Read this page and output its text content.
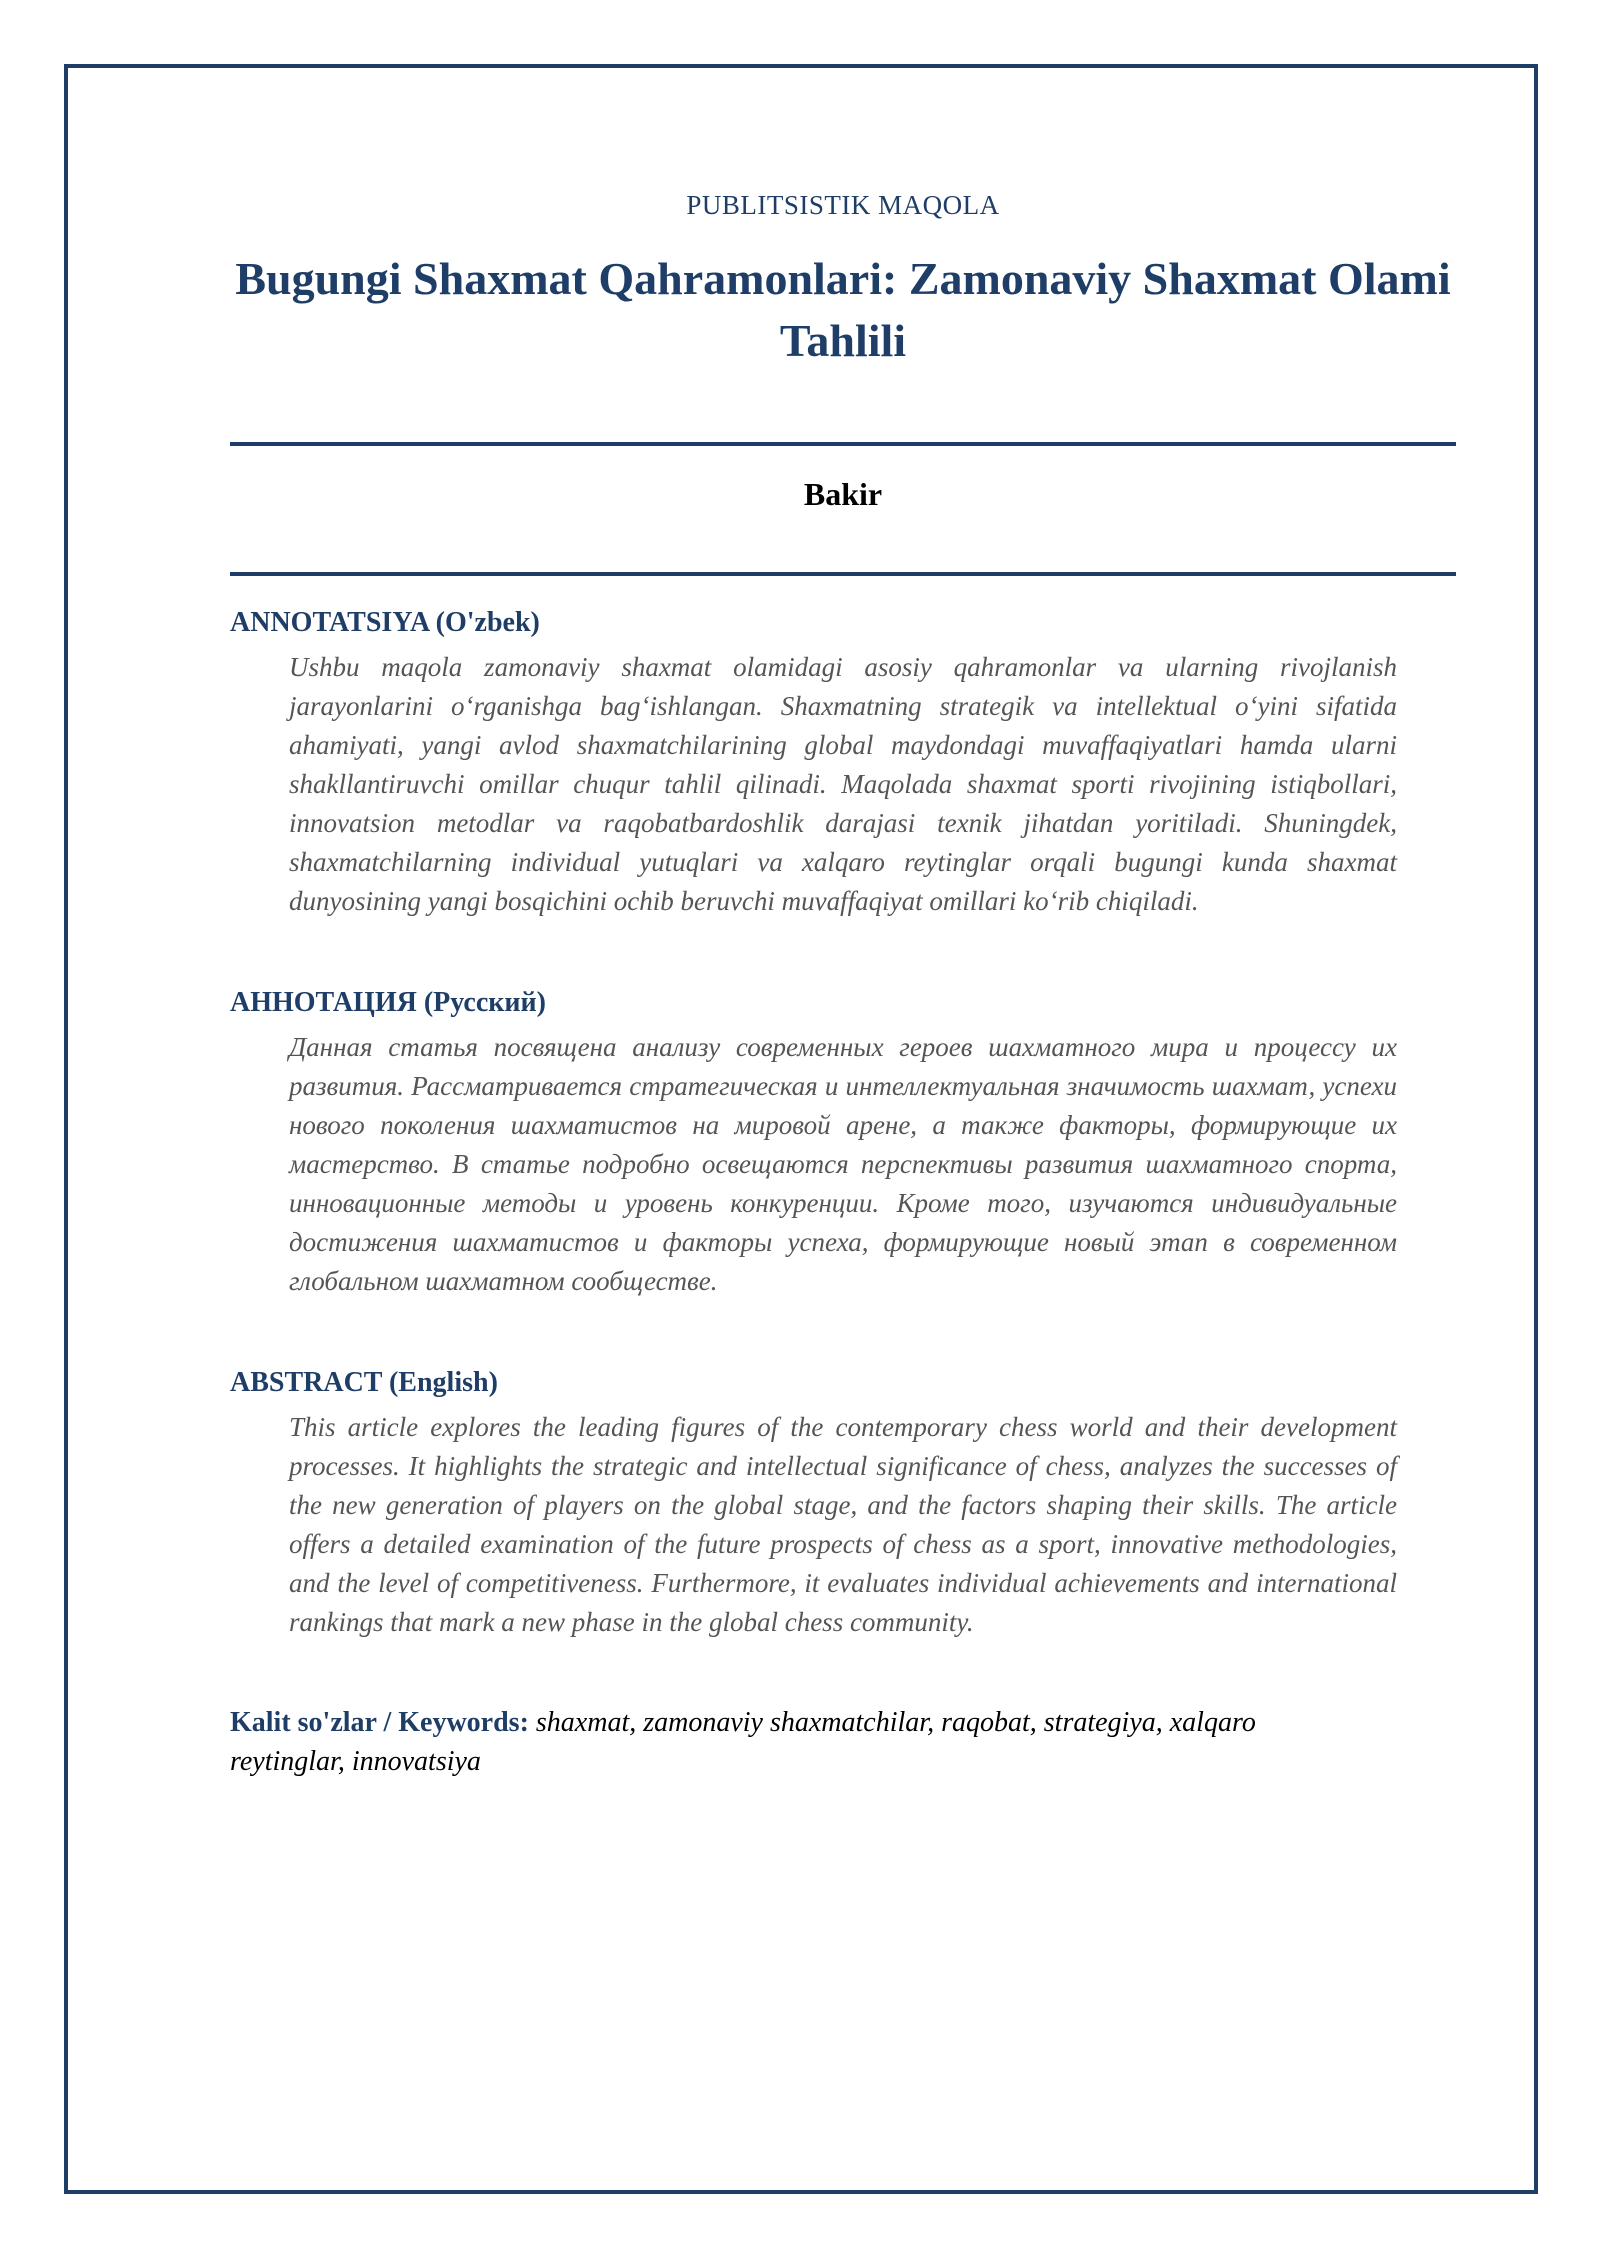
PUBLITSISTIK MAQOLA
Bugungi Shaxmat Qahramonlari: Zamonaviy Shaxmat Olami Tahlili
Bakir
ANNOTATSIYA (O'zbek)

Ushbu maqola zamonaviy shaxmat olamidagi asosiy qahramonlar va ularning rivojlanish jarayonlarini o‘rganishga bag‘ishlangan. Shaxmatning strategik va intellektual o‘yini sifatida ahamiyati, yangi avlod shaxmatchilarining global maydondagi muvaffaqiyatlari hamda ularni shakllantiruvchi omillar chuqur tahlil qilinadi. Maqolada shaxmat sporti rivojining istiqbollari, innovatsion metodlar va raqobatbardoshlik darajasi texnik jihatdan yoritiladi. Shuningdek, shaxmatchilarning individual yutuqlari va xalqaro reytinglar orqali bugungi kunda shaxmat dunyosining yangi bosqichini ochib beruvchi muvaffaqiyat omillari ko‘rib chiqiladi.

АННОТАЦИЯ (Русский)

Данная статья посвящена анализу современных героев шахматного мира и процессу их развития. Рассматривается стратегическая и интеллектуальная значимость шахмат, успехи нового поколения шахматистов на мировой арене, а также факторы, формирующие их мастерство. В статье подробно освещаются перспективы развития шахматного спорта, инновационные методы и уровень конкуренции. Кроме того, изучаются индивидуальные достижения шахматистов и факторы успеха, формирующие новый этап в современном глобальном шахматном сообществе.

ABSTRACT (English)

This article explores the leading figures of the contemporary chess world and their development processes. It highlights the strategic and intellectual significance of chess, analyzes the successes of the new generation of players on the global stage, and the factors shaping their skills. The article offers a detailed examination of the future prospects of chess as a sport, innovative methodologies, and the level of competitiveness. Furthermore, it evaluates individual achievements and international rankings that mark a new phase in the global chess community.

Kalit so'zlar / Keywords: shaxmat, zamonaviy shaxmatchilar, raqobat, strategiya, xalqaro reytinglar, innovatsiya
